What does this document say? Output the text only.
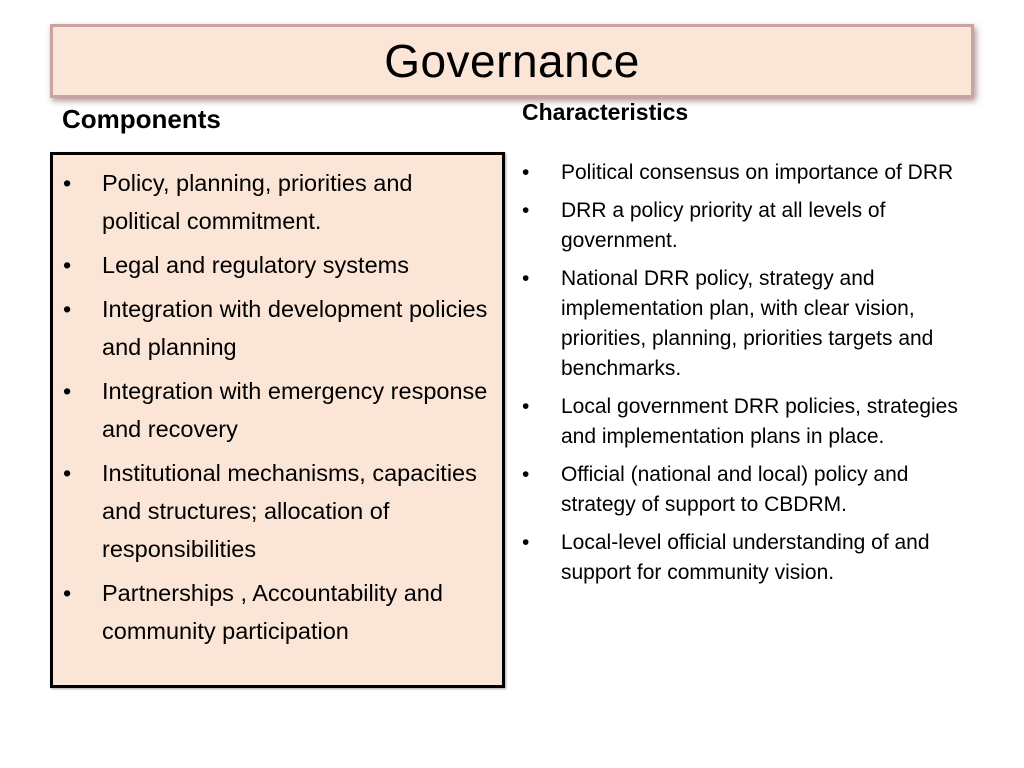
Governance

Components	Characteristics

• Policy, planning, priorities and political commitment.
• Legal and regulatory systems
• Integration with development policies and planning
• Integration with emergency response and recovery
• Institutional mechanisms, capacities and structures; allocation of responsibilities
• Partnerships , Accountability and community participation
• Political consensus on importance of DRR
• DRR a policy priority at all levels of government.
• National DRR policy, strategy and implementation plan, with clear vision, priorities, planning, priorities targets and benchmarks.
• Local government DRR policies, strategies and implementation plans in place.
• Official (national and local) policy and strategy of support to CBDRM.
• Local-level official understanding of and support for community vision.
